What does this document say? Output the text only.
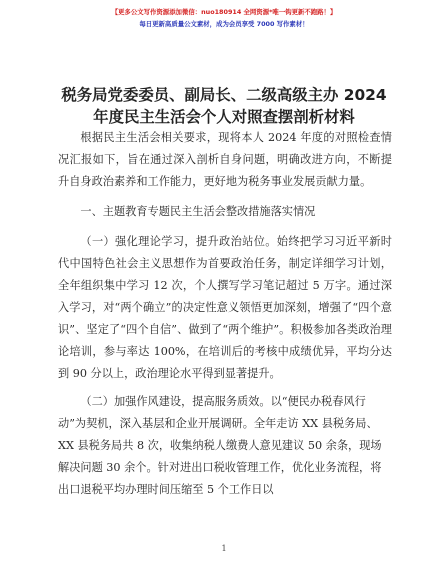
【更多公文写作资源添加微信：nuo180914 全网资源*唯一钩更新不跑路！】
每日更新高质量公文素材，成为会员享受 7000 写作素材！
税务局党委委员、副局长、二级高级主办 2024
年度民主生活会个人对照查摆剖析材料

根据民主生活会相关要求，现将本人 2024 年度的对照检查情况汇报如下，旨在通过深入剖析自身问题，明确改进方向，不断提升自身政治素养和工作能力，更好地为税务事业发展贡献力量。

一、主题教育专题民主生活会整改措施落实情况

（一）强化理论学习，提升政治站位。始终把学习习近平新时代中国特色社会主义思想作为首要政治任务，制定详细学习计划，全年组织集中学习 12 次，个人撰写学习笔记超过 5 万字。通过深入学习，对“两个确立”的决定性意义领悟更加深刻，增强了“四个意识”、坚定了“四个自信”、做到了“两个维护”。积极参加各类政治理论培训，参与率达 100%，在培训后的考核中成绩优异，平均分达到 90 分以上，政治理论水平得到显著提升。

（二）加强作风建设，提高服务质效。以“便民办税春风行动”为契机，深入基层和企业开展调研。全年走访 XX 县税务局、XX 县税务局共 8 次，收集纳税人缴费人意见建议 50 余条，现场解决问题 30 余个。针对进出口税收管理工作，优化业务流程，将出口退税平均办理时间压缩至 5 个工作日以

1
